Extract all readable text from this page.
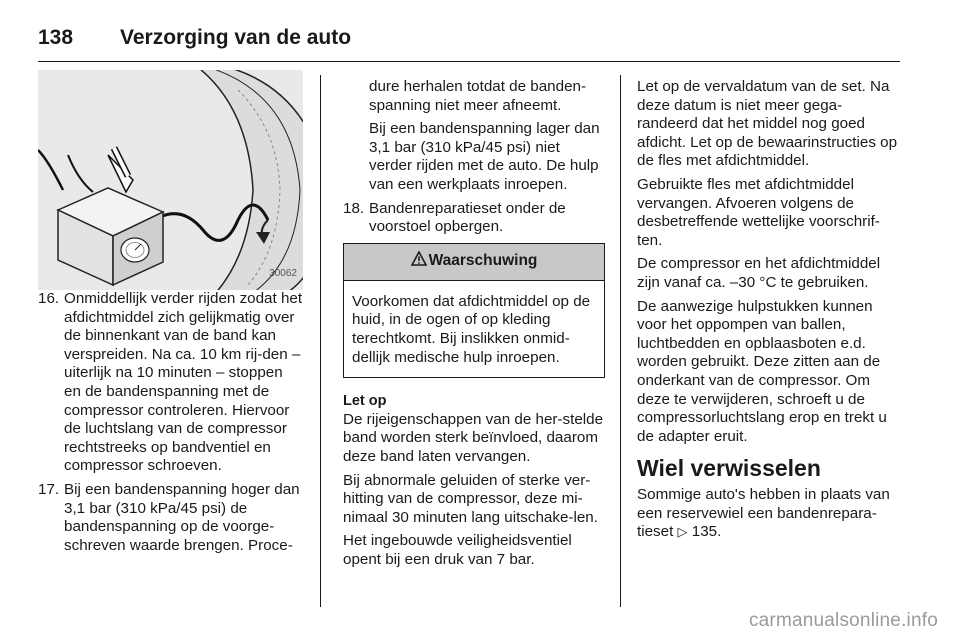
138	Verzorging van de auto
30062
16. Onmiddellijk verder rijden zodat het afdichtmiddel zich gelijkmatig over de binnenkant van de band kan verspreiden. Na ca. 10 km rij-den – uiterlijk na 10 minuten – stoppen en de bandenspanning met de compressor controleren. Hiervoor de luchtslang van de compressor rechtstreeks op bandventiel en compressor schroeven.
17. Bij een bandenspanning hoger dan 3,1 bar (310 kPa/45 psi) de bandenspanning op de voorge-schreven waarde brengen. Proce-

dure herhalen totdat de banden-spanning niet meer afneemt.

Bij een bandenspanning lager dan 3,1 bar (310 kPa/45 psi) niet verder rijden met de auto. De hulp van een werkplaats inroepen.

18. Bandenreparatieset onder de voorstoel opbergen.
Waarschuwing
Voorkomen dat afdichtmiddel op de huid, in de ogen of op kleding terechtkomt. Bij inslikken onmid-dellijk medische hulp inroepen.

Let op

De rijeigenschappen van de her-stelde band worden sterk beïnvloed, daarom deze band laten vervangen.

Bij abnormale geluiden of sterke ver-hitting van de compressor, deze mi-nimaal 30 minuten lang uitschake-len.

Het ingebouwde veiligheidsventiel opent bij een druk van 7 bar.

Let op de vervaldatum van de set. Na deze datum is niet meer gega-randeerd dat het middel nog goed afdicht. Let op de bewaarinstructies op de fles met afdichtmiddel.

Gebruikte fles met afdichtmiddel vervangen. Afvoeren volgens de desbetreffende wettelijke voorschrif-ten.

De compressor en het afdichtmiddel zijn vanaf ca. –30 °C te gebruiken.

De aanwezige hulpstukken kunnen voor het oppompen van ballen, luchtbedden en opblaasboten e.d. worden gebruikt. Deze zitten aan de onderkant van de compressor. Om deze te verwijderen, schroeft u de compressorluchtslang erop en trekt u de adapter eruit.

Wiel verwisselen

Sommige auto's hebben in plaats van een reservewiel een bandenrepara-tieset ▷ 135.

carmanualsonline.info
